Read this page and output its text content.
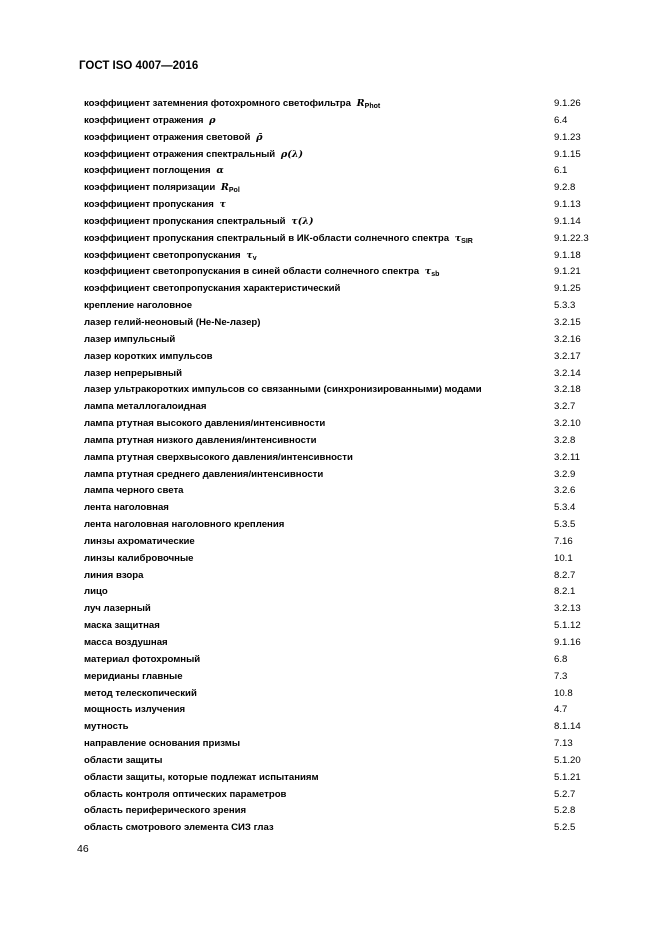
ГОСТ ISO 4007—2016
коэффициент затемнения фотохромного светофильтра $R_{Phot}$	9.1.26
коэффициент отражения ρ	6.4
коэффициент отражения световой ρ̄	9.1.23
коэффициент отражения спектральный ρ(λ)	9.1.15
коэффициент поглощения α	6.1
коэффициент поляризации $R_{Pol}$	9.2.8
коэффициент пропускания τ	9.1.13
коэффициент пропускания спектральный τ(λ)	9.1.14
коэффициент пропускания спектральный в ИК-области солнечного спектра $\tau_{SIR}$	9.1.22.3
коэффициент светопропускания $\tau_v$	9.1.18
коэффициент светопропускания в синей области солнечного спектра $\tau_{sb}$	9.1.21
коэффициент светопропускания характеристический	9.1.25
крепление наголовное	5.3.3
лазер гелий-неоновый (He-Ne-лазер)	3.2.15
лазер импульсный	3.2.16
лазер коротких импульсов	3.2.17
лазер непрерывный	3.2.14
лазер ультракоротких импульсов со связанными (синхронизированными) модами	3.2.18
лампа металлогалоидная	3.2.7
лампа ртутная высокого давления/интенсивности	3.2.10
лампа ртутная низкого давления/интенсивности	3.2.8
лампа ртутная сверхвысокого давления/интенсивности	3.2.11
лампа ртутная среднего давления/интенсивности	3.2.9
лампа черного света	3.2.6
лента наголовная	5.3.4
лента наголовная наголовного крепления	5.3.5
линзы ахроматические	7.16
линзы калибровочные	10.1
линия взора	8.2.7
лицо	8.2.1
луч лазерный	3.2.13
маска защитная	5.1.12
масса воздушная	9.1.16
материал фотохромный	6.8
меридианы главные	7.3
метод телескопический	10.8
мощность излучения	4.7
мутность	8.1.14
направление основания призмы	7.13
области защиты	5.1.20
области защиты, которые подлежат испытаниям	5.1.21
область контроля оптических параметров	5.2.7
область периферического зрения	5.2.8
область смотрового элемента СИЗ глаз	5.2.5
46
